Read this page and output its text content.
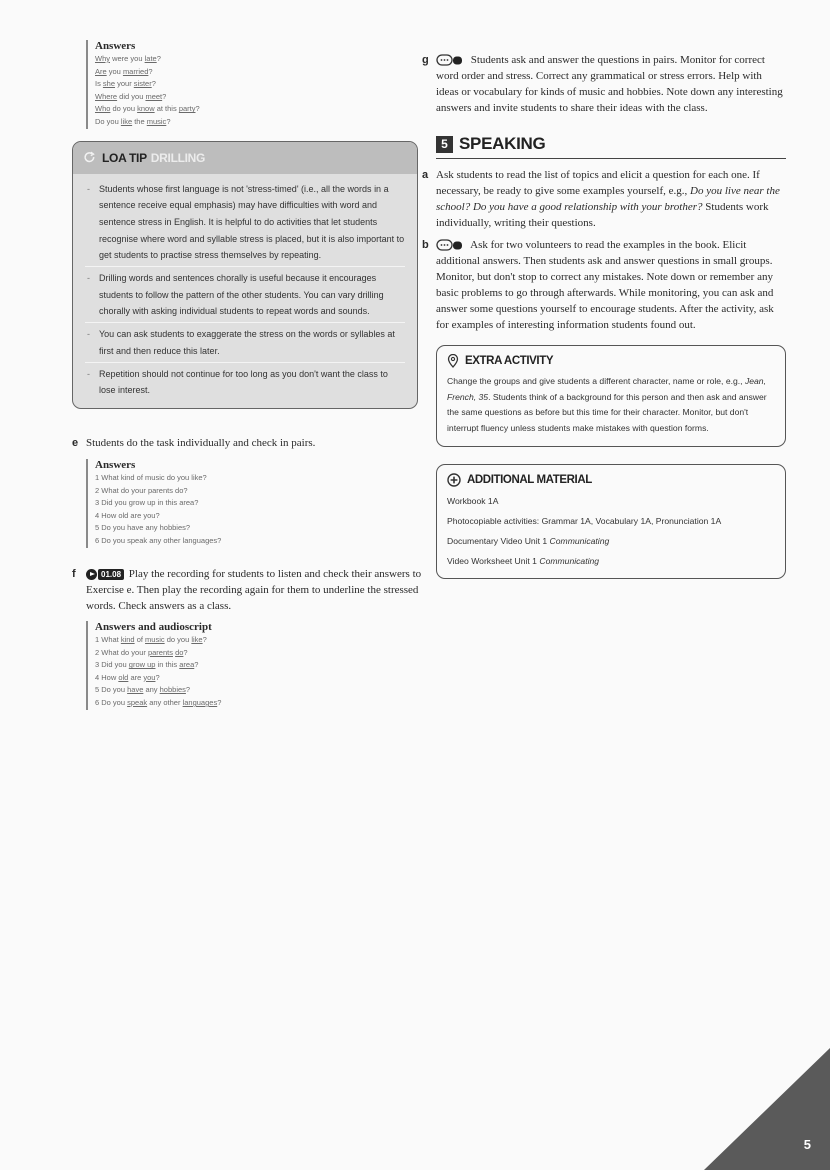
Answers
Why were you late?
Are you married?
Is she your sister?
Where did you meet?
Who do you know at this party?
Do you like the music?
LOA TIP DRILLING
- Students whose first language is not 'stress-timed' (i.e., all the words in a sentence receive equal emphasis) may have difficulties with word and sentence stress in English. It is helpful to do activities that let students recognise where word and syllable stress is placed, but it is also important to get students to practise stress themselves by repeating.
- Drilling words and sentences chorally is useful because it encourages students to follow the pattern of the other students. You can vary drilling chorally with asking individual students to repeat words and sounds.
- You can ask students to exaggerate the stress on the words or syllables at first and then reduce this later.
- Repetition should not continue for too long as you don't want the class to lose interest.
e Students do the task individually and check in pairs.
Answers
1 What kind of music do you like?
2 What do your parents do?
3 Did you grow up in this area?
4 How old are you?
5 Do you have any hobbies?
6 Do you speak any other languages?
f	01.08 Play the recording for students to listen and check their answers to Exercise e. Then play the recording again for them to underline the stressed words. Check answers as a class.
Answers and audioscript
1 What kind of music do you like?
2 What do your parents do?
3 Did you grow up in this area?
4 How old are you?
5 Do you have any hobbies?
6 Do you speak any other languages?
g	Students ask and answer the questions in pairs. Monitor for correct word order and stress. Correct any grammatical or stress errors. Help with ideas or vocabulary for kinds of music and hobbies. Note down any interesting answers and invite students to share their ideas with the class.
5 SPEAKING
a Ask students to read the list of topics and elicit a question for each one. If necessary, be ready to give some examples yourself, e.g., Do you live near the school? Do you have a good relationship with your brother? Students work individually, writing their questions.
b	Ask for two volunteers to read the examples in the book. Elicit additional answers. Then students ask and answer questions in small groups. Monitor, but don't stop to correct any mistakes. Note down or remember any basic problems to go through afterwards. While monitoring, you can ask and answer some questions yourself to encourage students. After the activity, ask for examples of interesting information students found out.
EXTRA ACTIVITY
Change the groups and give students a different character, name or role, e.g., Jean, French, 35. Students think of a background for this person and then ask and answer the same questions as before but this time for their character. Monitor, but don't interrupt fluency unless students make mistakes with question forms.
ADDITIONAL MATERIAL
Workbook 1A
Photocopiable activities: Grammar 1A, Vocabulary 1A, Pronunciation 1A
Documentary Video Unit 1 Communicating
Video Worksheet Unit 1 Communicating
5
